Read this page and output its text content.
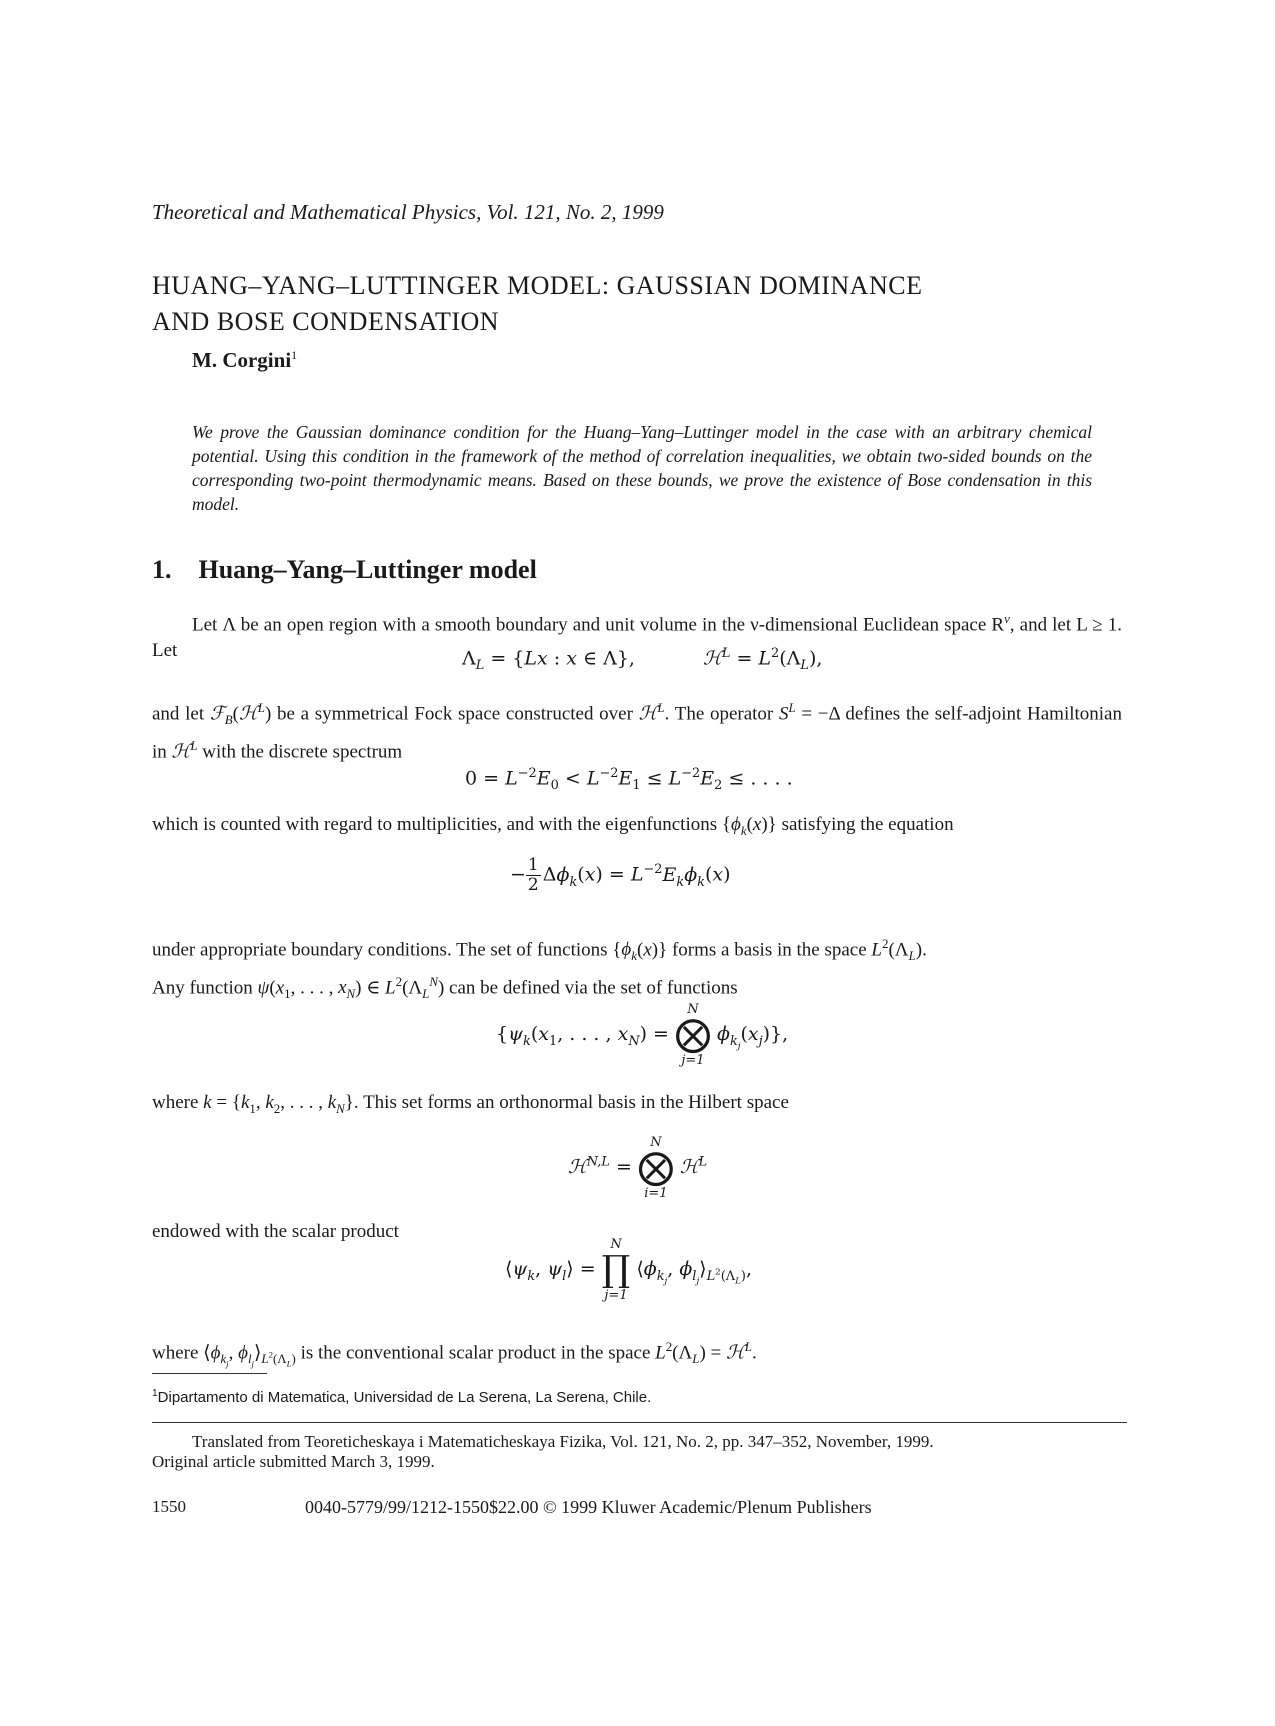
Theoretical and Mathematical Physics, Vol. 121, No. 2, 1999
HUANG–YANG–LUTTINGER MODEL: GAUSSIAN DOMINANCE
AND BOSE CONDENSATION
M. Corgini$^1$
We prove the Gaussian dominance condition for the Huang–Yang–Luttinger model in the case with an arbitrary chemical potential. Using this condition in the framework of the method of correlation inequalities, we obtain two-sided bounds on the corresponding two-point thermodynamic means. Based on these bounds, we prove the existence of Bose condensation in this model.
1. Huang–Yang–Luttinger model
Let Λ be an open region with a smooth boundary and unit volume in the ν-dimensional Euclidean space $R^\nu$, and let L ≥ 1. Let	$\Lambda_L = \{Lx$ : x ∈ Λ},	ℋ$^L$ = $L^2(\Lambda_L)$,
and let ℱ$_B$(ℋ$^L$) be a symmetrical Fock space constructed over ℋ$^L$. The operator $S^L = -\Delta$ defines the self-adjoint Hamiltonian in ℋ$^L$ with the discrete spectrum
$0 = L^{-2}E_0 < L^{-2}E_1 \le L^{-2}E_2$ ≤ . . . .
which is counted with regard to multiplicities, and with the eigenfunctions $\{\phi_k(x)\}$ satisfying the equation
− $\frac{1}{2} \Delta\phi_k(x) = L^{-2}E_k\phi_k(x)$
under appropriate boundary conditions. The set of functions $\{\phi_k(x)\}$ forms a basis in the space $L^2(\Lambda_L)$.
Any function $\psi(x_1$, . . . , $x_N$) ∈ $L^2(\Lambda_L^N)$ can be defined via the set of functions
{$\psi_k(x_1$, . . . , $x_N$) =
N
⨂
j=1
$\phi_{k_j}(x_j)$},
where $k = \{k_1$, $k_2$, . . . , $k_N$}. This set forms an orthonormal basis in the Hilbert space
ℋ$^{N,L}$ =
N
⨂
i=1
ℋ$^L$
endowed with the scalar product
$⟨\psi_k$, $\psi_l⟩$ =
N
∏
j=1
$⟨\phi_{k_j}$, $\phi_{l_j}⟩_{L^2(\Lambda_L)}$,
where $⟨\phi_{k_j}$, $\phi_{l_j}⟩_{L^2(\Lambda_L)}$ is the conventional scalar product in the space $L^2(\Lambda_L)$ = ℋ$^L$.
$^1$Dipartamento di Matematica, Universidad de La Serena, La Serena, Chile.
Translated from Teoreticheskaya i Matematicheskaya Fizika, Vol. 121, No. 2, pp. 347–352, November, 1999.
Original article submitted March 3, 1999.
1550	0040-5779/99/1212-1550$22.00 © 1999 Kluwer Academic/Plenum Publishers
